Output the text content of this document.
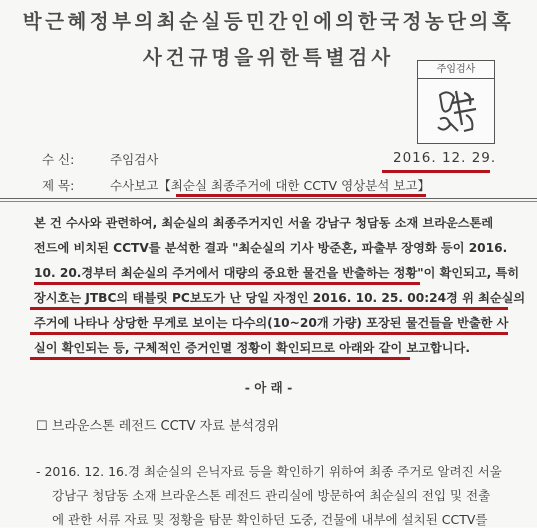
박근혜정부의최순실등민간인에의한국정농단의혹
사건규명을위한특별검사
주임검사
수 신:	주임검사	2016. 12. 29.
제 목:	수사보고【최순실 최종주거에 대한 CCTV 영상분석 보고】
본 건 수사와 관련하여, 최순실의 최종주거지인 서울 강남구 청담동 소재 브라운스톤레
전드에 비치된 CCTV를 분석한 결과 "최순실의 기사 방준혼, 파출부 장영화 등이 2016.
10. 20.경부터 최순실의 주거에서 대량의 중요한 물건을 반출하는 정황"이 확인되고, 특히
장시호는 JTBC의 태블릿 PC보도가 난 당일 자정인 2016. 10. 25. 00:24경 위 최순실의
주거에 나타나 상당한 무게로 보이는 다수의(10~20개 가량) 포장된 물건들을 반출한 사
실이 확인되는 등, 구체적인 증거인멸 정황이 확인되므로 아래와 같이 보고합니다.
- 아 래 -
☐ 브라운스톤 레전드 CCTV 자료 분석경위
- 2016. 12. 16.경 최순실의 은닉자료 등을 확인하기 위하여 최종 주거로 알려진 서울
강남구 청담동 소재 브라운스톤 레전드 관리실에 방문하여 최순실의 전입 및 전출
에 관한 서류 자료 및 정황을 탐문 확인하던 도중, 건물에 내부에 설치된 CCTV를
